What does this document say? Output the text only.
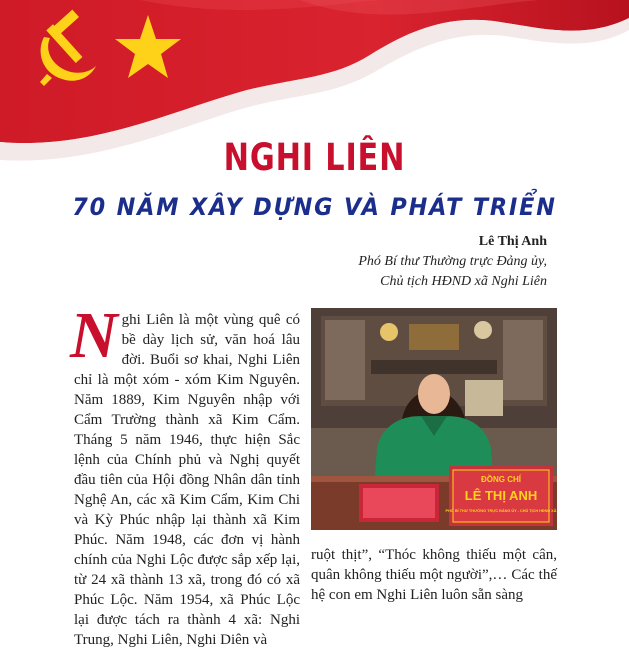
NGHI LIÊN
70 NĂM XÂY DỰNG VÀ PHÁT TRIỂN
Lê Thị Anh
Phó Bí thư Thường trực Đảng ủy,
Chủ tịch HĐND xã Nghi Liên
Nghi Liên là một vùng quê có bề dày lịch sử, văn hoá lâu đời. Buổi sơ khai, Nghi Liên chỉ là một xóm - xóm Kim Nguyên. Năm 1889, Kim Nguyên nhập với Cẩm Trường thành xã Kim Cẩm. Tháng 5 năm 1946, thực hiện Sắc lệnh của Chính phủ và Nghị quyết đầu tiên của Hội đồng Nhân dân tỉnh Nghệ An, các xã Kim Cẩm, Kim Chi và Kỳ Phúc nhập lại thành xã Kim Phúc. Năm 1948, các đơn vị hành chính của Nghi Lộc được sắp xếp lại, từ 24 xã thành 13 xã, trong đó có xã Phúc Lộc. Năm 1954, xã Phúc Lộc lại được tách ra thành 4 xã: Nghi Trung, Nghi Liên, Nghi Diên và
ĐỒNG CHÍ
LÊ THỊ ANH
PHÓ BÍ THƯ THƯỜNG TRỰC ĐẢNG ỦY - CHỦ TỊCH HĐND XÃ
ruột thịt”, “Thóc không thiếu một cân, quân không thiếu một người”,… Các thế hệ con em Nghi Liên luôn sẵn sàng
